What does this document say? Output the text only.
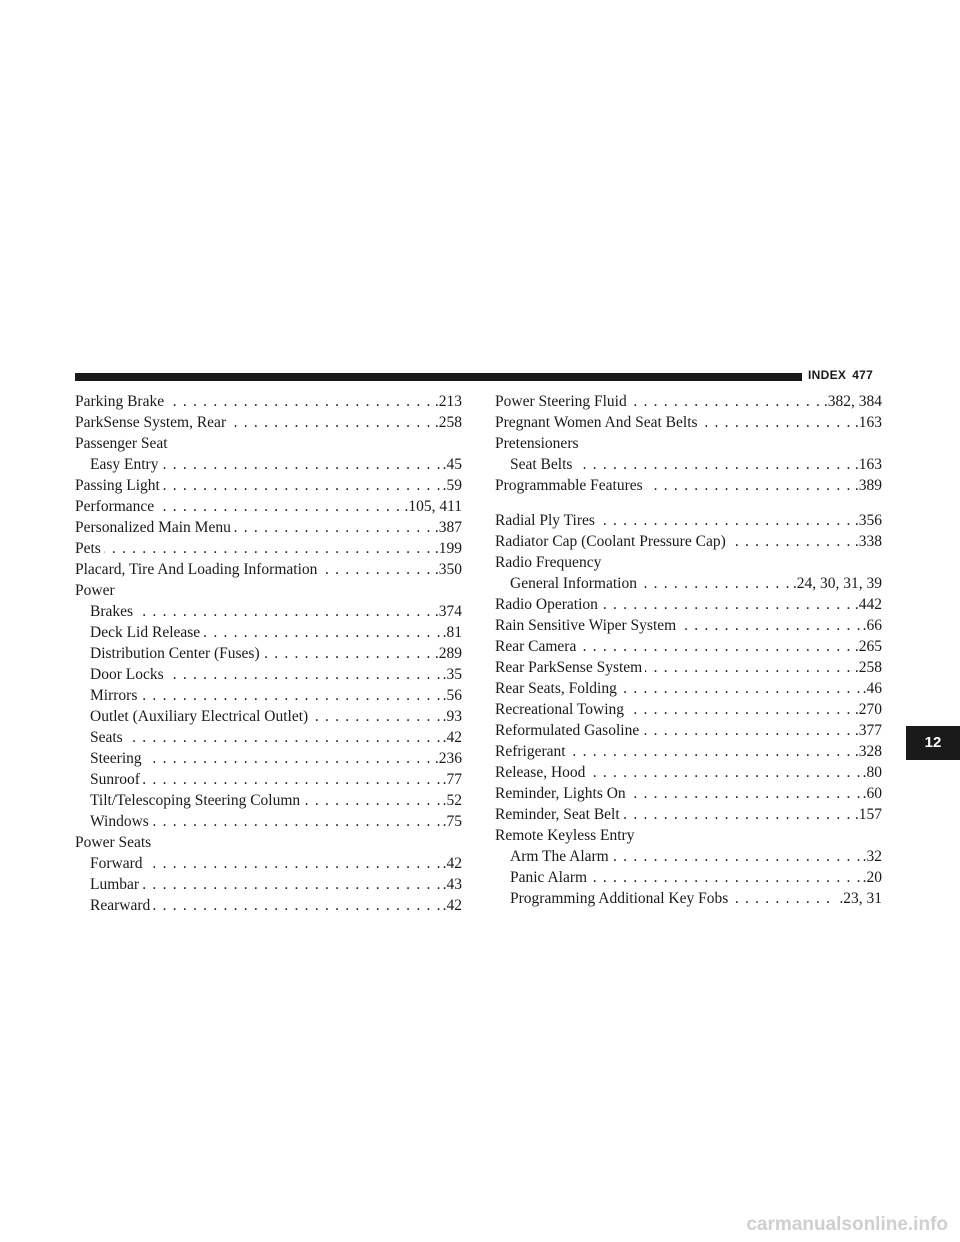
INDEX 477
. . . Parking Brake	.213
. . . ParkSense System, Rear	.258
Passenger Seat
. . . Easy Entry	.45
. . . Passing Light	.59
. . . Performance	.105, 411
. . . Personalized Main Menu	.387
. . . Pets	.199
. . . Placard, Tire And Loading Information	.350
Power
. . . Brakes	.374
. . . Deck Lid Release	.81
. . . Distribution Center (Fuses)	.289
. . . Door Locks	.35
. . . Mirrors	.56
. . . Outlet (Auxiliary Electrical Outlet)	.93
. . . Seats	.42
. . . Steering	.236
. . . Sunroof	.77
. . . Tilt/Telescoping Steering Column	.52
. . . Windows	.75
Power Seats
. . . Forward	.42
. . . Lumbar	.43
. . . Rearward	.42
. . . Power Steering Fluid	.382, 384
. . . Pregnant Women And Seat Belts	.163
Pretensioners
. . . Seat Belts	.163
. . . Programmable Features	.389
. . . Radial Ply Tires	.356
. . . Radiator Cap (Coolant Pressure Cap)	.338
Radio Frequency
. . . General Information	.24, 30, 31, 39
. . . Radio Operation	.442
. . . Rain Sensitive Wiper System	.66
. . . Rear Camera	.265
. . . Rear ParkSense System	.258
. . . Rear Seats, Folding	.46
. . . Recreational Towing	.270
. . . Reformulated Gasoline	.377
. . . Refrigerant	.328
. . . Release, Hood	.80
. . . Reminder, Lights On	.60
. . . Reminder, Seat Belt	.157
Remote Keyless Entry
. . . Arm The Alarm	.32
. . . Panic Alarm	.20
. . . Programming Additional Key Fobs	.23, 31
12
carmanualsonline.info
